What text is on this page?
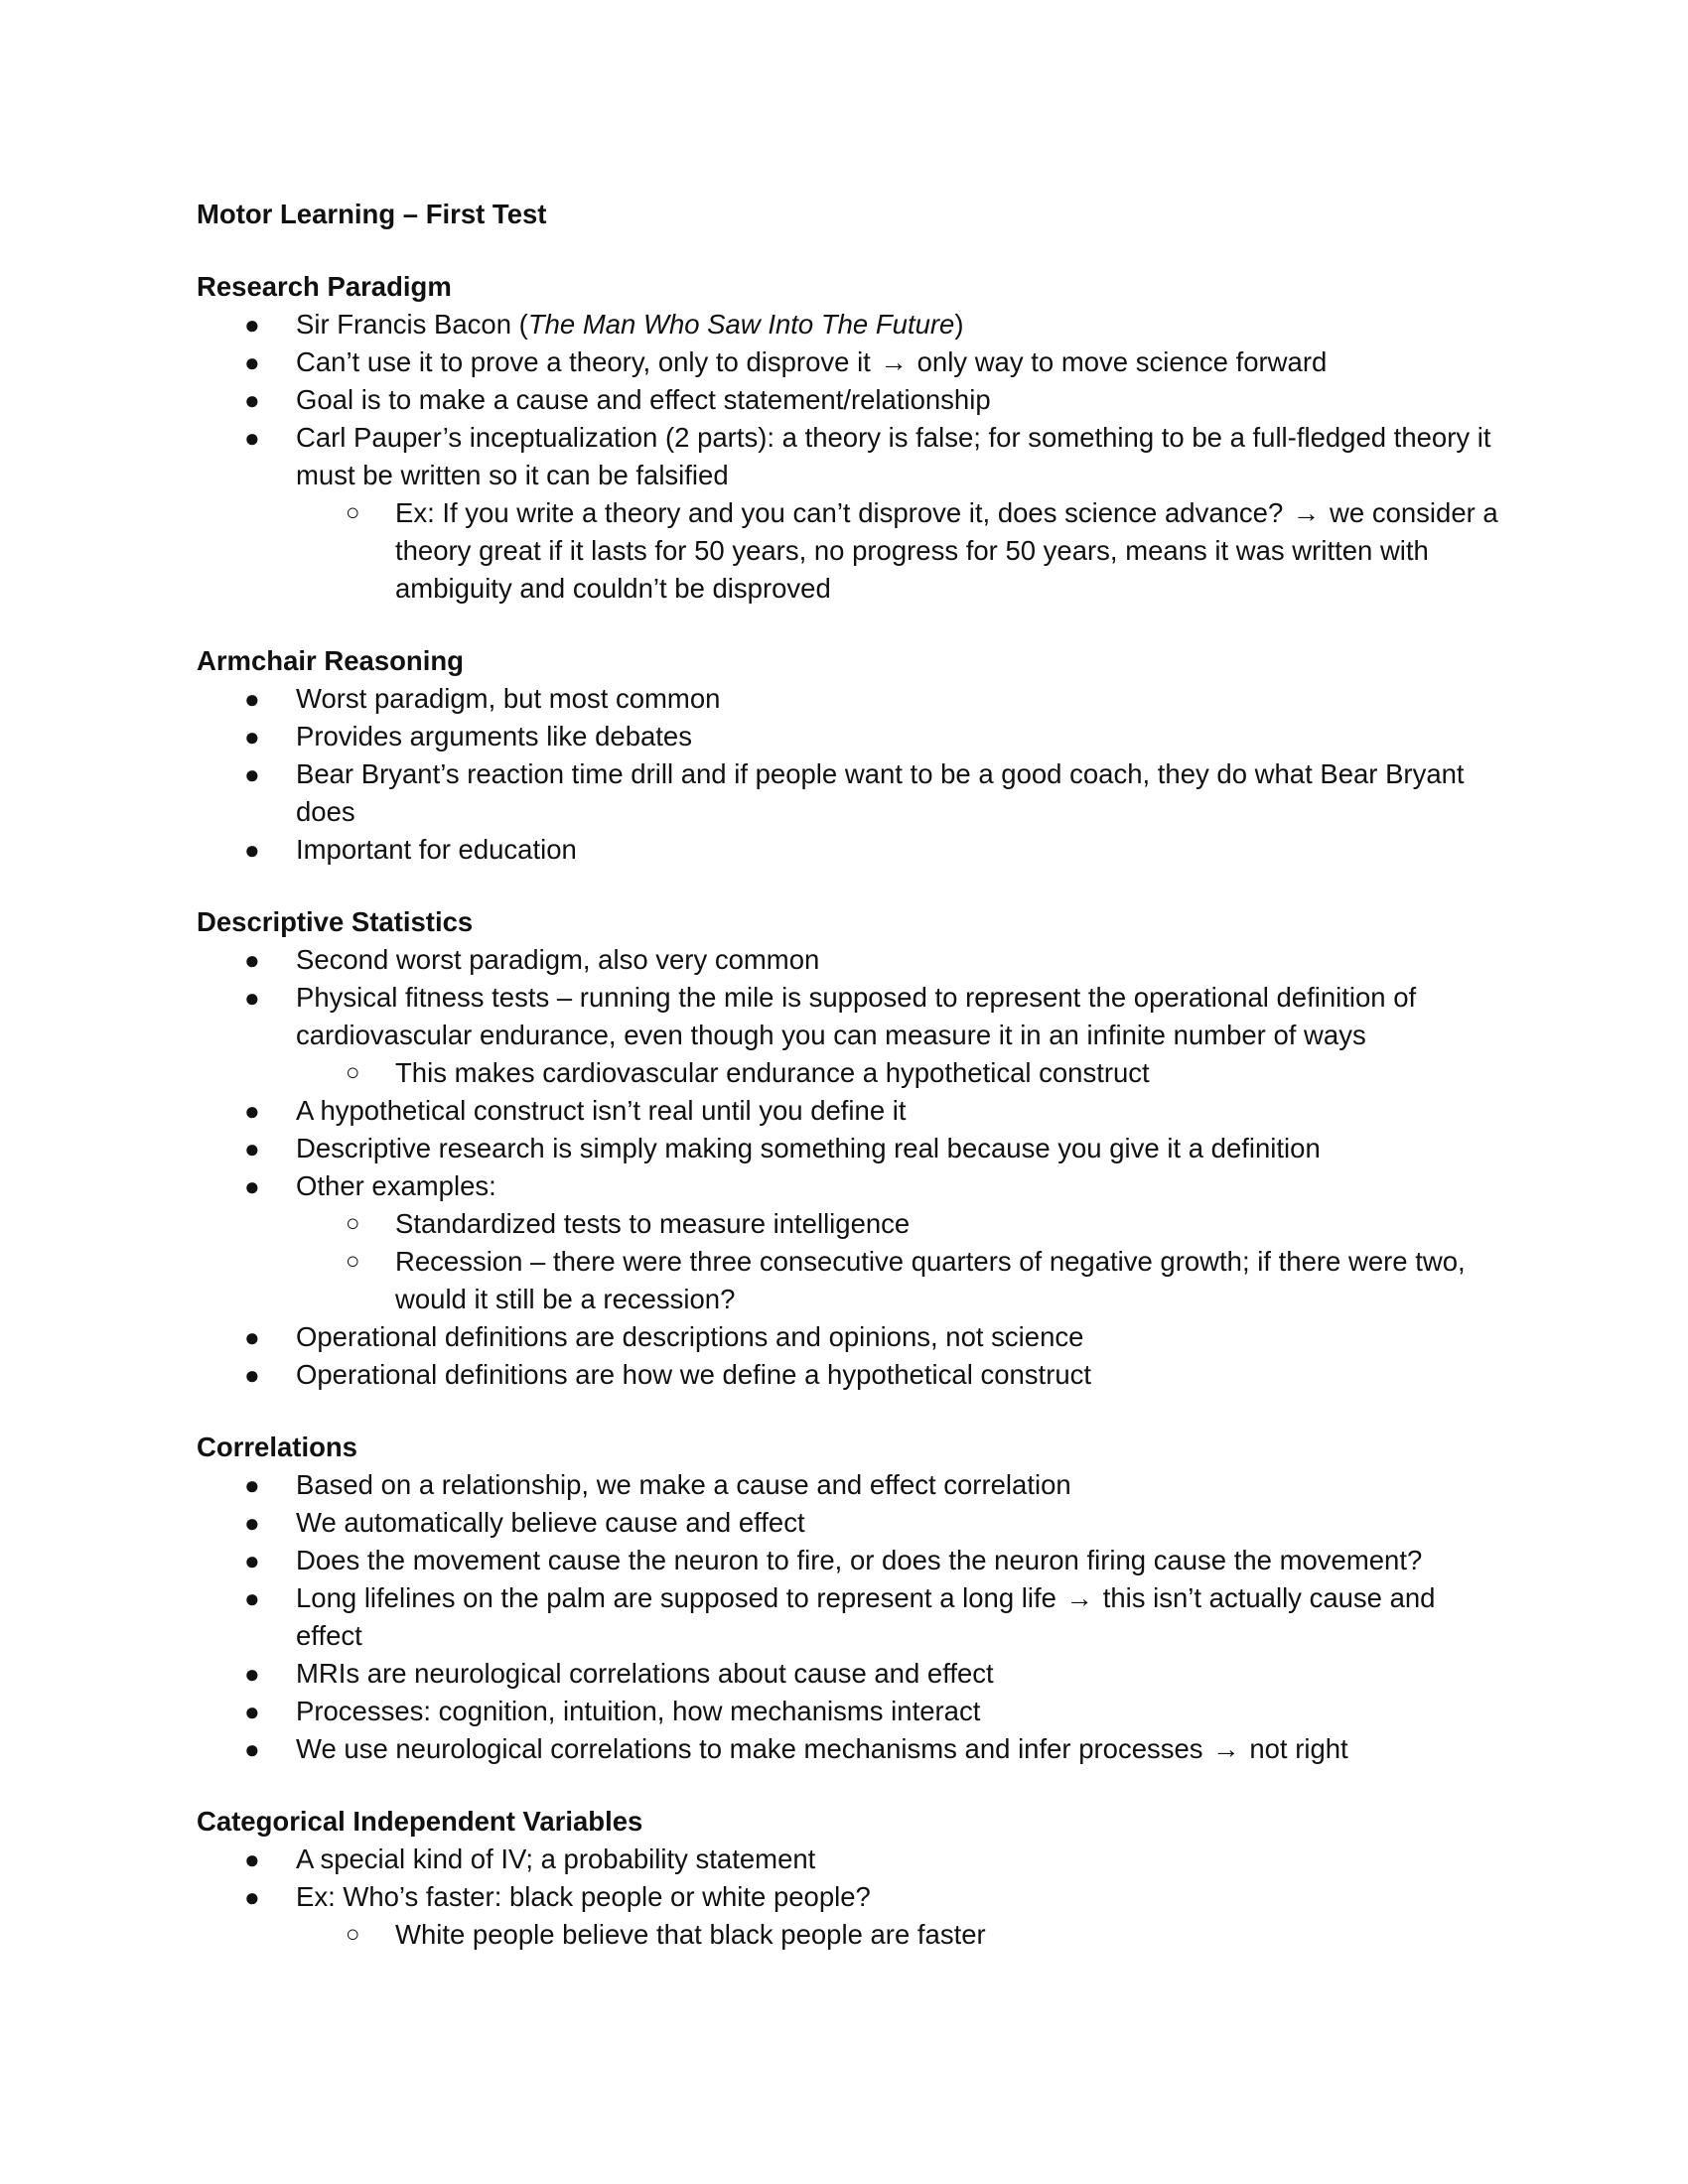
Motor Learning – First Test
Research Paradigm
● Sir Francis Bacon (The Man Who Saw Into The Future)
● Can’t use it to prove a theory, only to disprove it → only way to move science forward
● Goal is to make a cause and effect statement/relationship
● Carl Pauper’s inceptualization (2 parts): a theory is false; for something to be a full-fledged theory it must be written so it can be falsified
○ Ex: If you write a theory and you can’t disprove it, does science advance? → we consider a theory great if it lasts for 50 years, no progress for 50 years, means it was written with ambiguity and couldn’t be disproved
Armchair Reasoning
● Worst paradigm, but most common
● Provides arguments like debates
● Bear Bryant’s reaction time drill and if people want to be a good coach, they do what Bear Bryant does
● Important for education
Descriptive Statistics
● Second worst paradigm, also very common
● Physical fitness tests – running the mile is supposed to represent the operational definition of cardiovascular endurance, even though you can measure it in an infinite number of ways
○ This makes cardiovascular endurance a hypothetical construct
● A hypothetical construct isn’t real until you define it
● Descriptive research is simply making something real because you give it a definition
● Other examples:
○ Standardized tests to measure intelligence
○ Recession – there were three consecutive quarters of negative growth; if there were two, would it still be a recession?
● Operational definitions are descriptions and opinions, not science
● Operational definitions are how we define a hypothetical construct
Correlations
● Based on a relationship, we make a cause and effect correlation
● We automatically believe cause and effect
● Does the movement cause the neuron to fire, or does the neuron firing cause the movement?
● Long lifelines on the palm are supposed to represent a long life → this isn’t actually cause and effect
● MRIs are neurological correlations about cause and effect
● Processes: cognition, intuition, how mechanisms interact
● We use neurological correlations to make mechanisms and infer processes → not right
Categorical Independent Variables
● A special kind of IV; a probability statement
● Ex: Who’s faster: black people or white people?
○ White people believe that black people are faster
